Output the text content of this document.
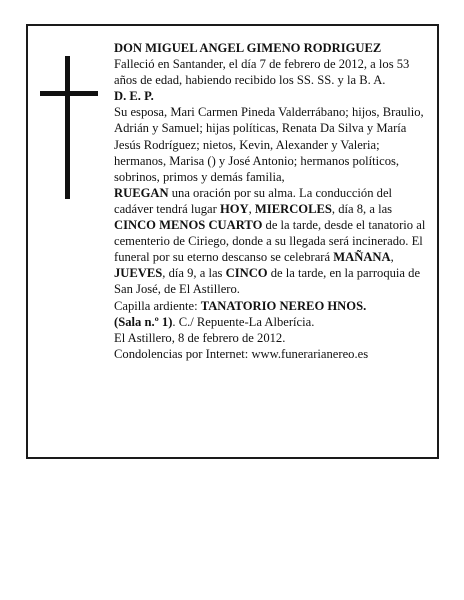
DON MIGUEL ANGEL GIMENO RODRIGUEZ

Falleció en Santander, el día 7 de febrero de 2012, a los 53 años de edad, habiendo recibido los SS. SS. y la B. A.

D. E. P.

Su esposa, Mari Carmen Pineda Valderrábano; hijos, Braulio, Adrián y Samuel; hijas políticas, Renata Da Silva y María Jesús Rodríguez; nietos, Kevin, Alexander y Valeria; hermanos, Marisa () y José Antonio; hermanos políticos, sobrinos, primos y demás familia,

RUEGAN una oración por su alma. La conducción del cadáver tendrá lugar HOY, MIERCOLES, día 8, a las CINCO MENOS CUARTO de la tarde, desde el tanatorio al cementerio de Ciriego, donde a su llegada será incinerado. El funeral por su eterno descanso se celebrará MAÑANA, JUEVES, día 9, a las CINCO de la tarde, en la parroquia de San José, de El Astillero.

Capilla ardiente: TANATORIO NEREO HNOS.
(Sala n.º 1). C./ Repuente-La Alberícia.

El Astillero, 8 de febrero de 2012.

Condolencias por Internet: www.funerarianereo.es
